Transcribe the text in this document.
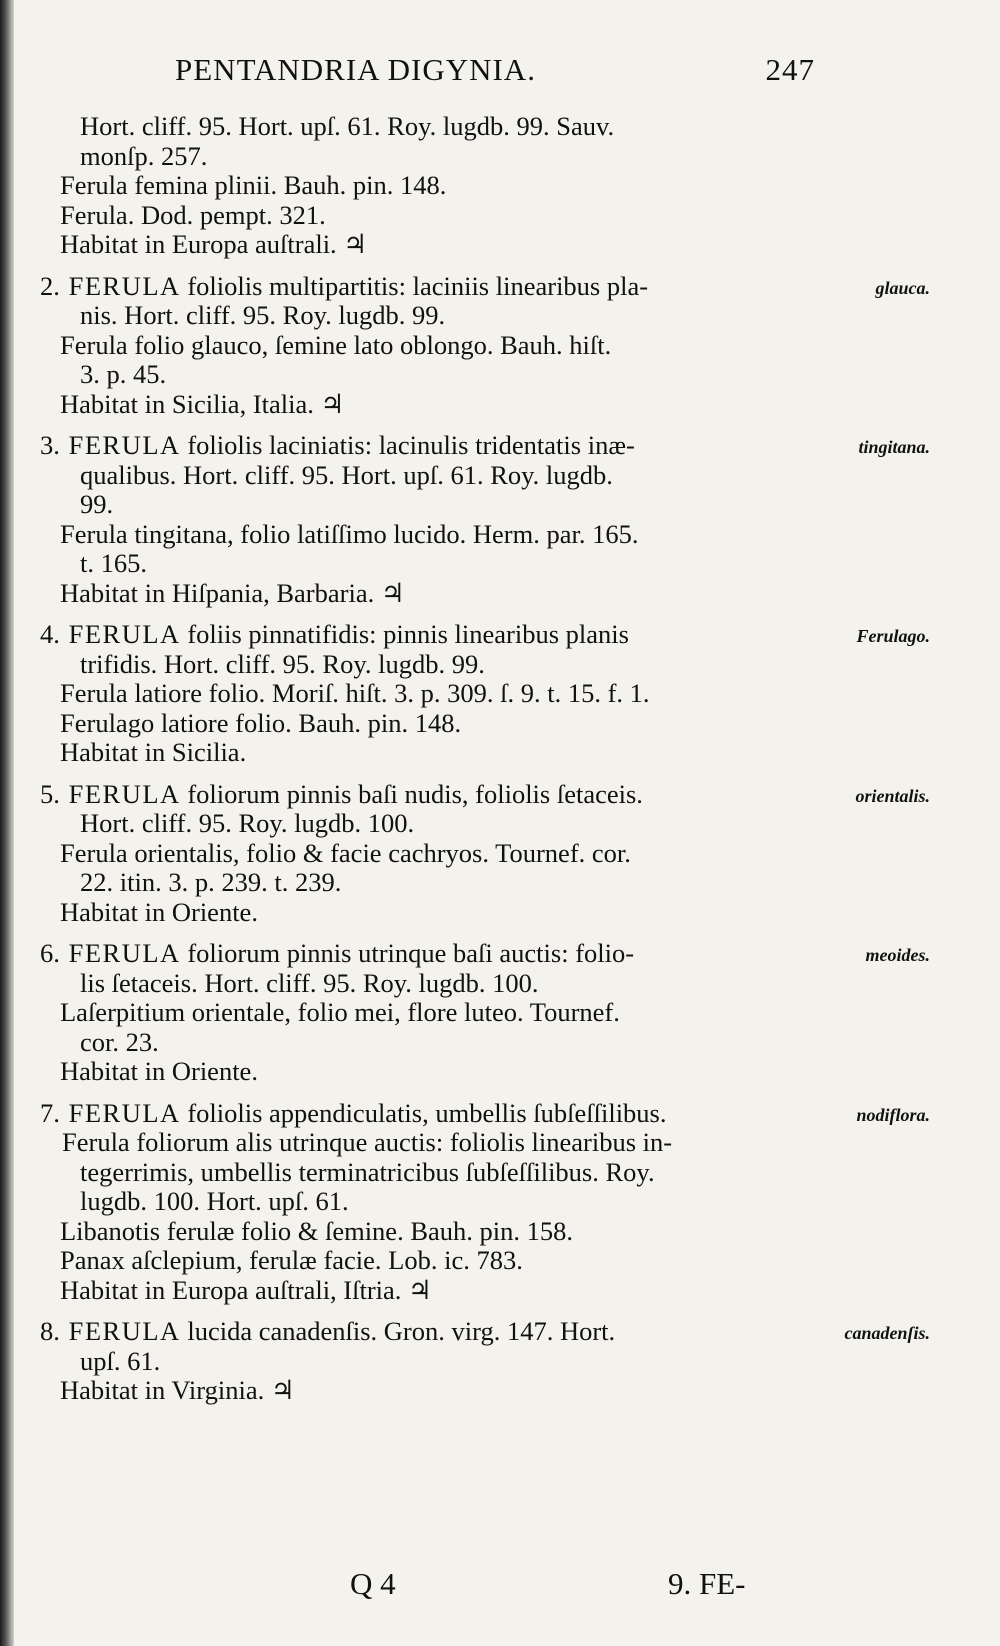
PENTANDRIA DIGYNIA.	247
Hort. cliff. 95. Hort. upſ. 61. Roy. lugdb. 99. Sauv.
monſp. 257.
Ferula femina plinii. Bauh. pin. 148.
Ferula. Dod. pempt. 321.
Habitat in Europa auſtrali. ♃
2. FERULA foliolis multipartitis: laciniis linearibus pla-	glauca.
nis. Hort. cliff. 95. Roy. lugdb. 99.
Ferula folio glauco, ſemine lato oblongo. Bauh. hiſt.
3. p. 45.
Habitat in Sicilia, Italia. ♃
3. FERULA foliolis laciniatis: lacinulis tridentatis inæ-	tingitana.
qualibus. Hort. cliff. 95. Hort. upſ. 61. Roy. lugdb.
99.
Ferula tingitana, folio latiſſimo lucido. Herm. par. 165.
t. 165.
Habitat in Hiſpania, Barbaria. ♃
4. FERULA foliis pinnatifidis: pinnis linearibus planis	Ferulago.
trifidis. Hort. cliff. 95. Roy. lugdb. 99.
Ferula latiore folio. Moriſ. hiſt. 3. p. 309. ſ. 9. t. 15. f. 1.
Ferulago latiore folio. Bauh. pin. 148.
Habitat in Sicilia.
5. FERULA foliorum pinnis baſi nudis, foliolis ſetaceis.	orientalis.
Hort. cliff. 95. Roy. lugdb. 100.
Ferula orientalis, folio & facie cachryos. Tournef. cor.
22. itin. 3. p. 239. t. 239.
Habitat in Oriente.
6. FERULA foliorum pinnis utrinque baſi auctis: folio-	meoides.
lis ſetaceis. Hort. cliff. 95. Roy. lugdb. 100.
Laſerpitium orientale, folio mei, flore luteo. Tournef.
cor. 23.
Habitat in Oriente.
7. FERULA foliolis appendiculatis, umbellis ſubſeſſilibus.	nodiflora.
Ferula foliorum alis utrinque auctis: foliolis linearibus in-
tegerrimis, umbellis terminatricibus ſubſeſſilibus. Roy.
lugdb. 100. Hort. upſ. 61.
Libanotis ferulæ folio & ſemine. Bauh. pin. 158.
Panax aſclepium, ferulæ facie. Lob. ic. 783.
Habitat in Europa auſtrali, Iſtria. ♃
8. FERULA lucida canadenſis. Gron. virg. 147. Hort.	canadenſis.
upſ. 61.
Habitat in Virginia. ♃
Q 4	9. FE-
